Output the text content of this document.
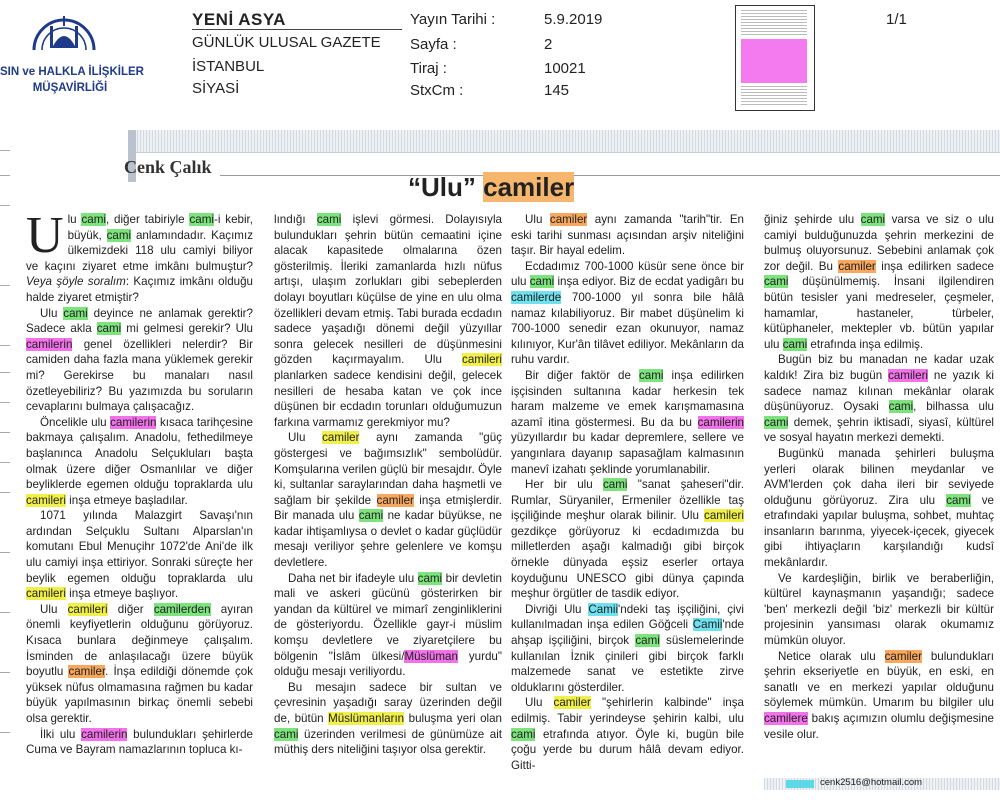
SIN ve HALKLA İLİŞKİLER
MÜŞAVİRLİĞİ
YENİ ASYA
GÜNLÜK ULUSAL GAZETE
İSTANBUL
SİYASİ
Yayın Tarihi :	5.9.2019
Sayfa :	2
Tiraj :	10021
StxCm :	145
1/1
Cenk Çalık
“Ulu” camiler

Ulu cami, diğer tabiriyle cami-i kebir, büyük, cami anlamındadır. Kaçımız ülkemizdeki 118 ulu camiyi biliyor ve kaçını ziyaret etme imkânı bulmuştur? Veya şöyle soralım: Kaçımız imkânı olduğu halde ziyaret etmiştir?

Ulu cami deyince ne anlamak gerektir? Sadece akla cami mi gelmesi gerekir? Ulu camilerin genel özellikleri nelerdir? Bir camiden daha fazla mana yüklemek gerekir mi? Gerekirse bu manaları nasıl özetleyebiliriz? Bu yazımızda bu soruların cevaplarını bulmaya çalışacağız.

Öncelikle ulu camilerin kısaca tarihçesine bakmaya çalışalım. Anadolu, fethedilmeye başlanınca Anadolu Selçukluları başta olmak üzere diğer Osmanlılar ve diğer beyliklerde egemen olduğu topraklarda ulu camileri inşa etmeye başladılar.

1071 yılında Malazgirt Savaşı'nın ardından Selçuklu Sultanı Alparslan'ın komutanı Ebul Menuçihr 1072'de Ani'de ilk ulu camiyi inşa ettiriyor. Sonraki süreçte her beylik egemen olduğu topraklarda ulu camileri inşa etmeye başlıyor.

Ulu camileri diğer camilerden ayıran önemli keyfiyetlerin olduğunu görüyoruz. Kısaca bunlara değinmeye çalışalım. İsminden de anlaşılacağı üzere büyük boyutlu camiler. İnşa edildiği dönemde çok yüksek nüfus olmamasına rağmen bu kadar büyük yapılmasının birkaç önemli sebebi olsa gerektir.

İlki ulu camilerin bulundukları şehirlerde Cuma ve Bayram namazlarının topluca kı-

lındığı cami işlevi görmesi. Dolayısıyla bulundukları şehrin bütün cemaatini içine alacak kapasitede olmalarına özen gösterilmiş. İleriki zamanlarda hızlı nüfus artışı, ulaşım zorlukları gibi sebeplerden dolayı boyutları küçülse de yine en ulu olma özellikleri devam etmiş. Tabi burada ecdadın sadece yaşadığı dönemi değil yüzyıllar sonra gelecek nesilleri de düşünmesini gözden kaçırmayalım. Ulu camileri planlarken sadece kendisini değil, gelecek nesilleri de hesaba katan ve çok ince düşünen bir ecdadın torunları olduğumuzun farkına varmamız gerekmiyor mu?

Ulu camiler aynı zamanda "güç göstergesi ve bağımsızlık" sembolüdür. Komşularına verilen güçlü bir mesajdır. Öyle ki, sultanlar saraylarından daha haşmetli ve sağlam bir şekilde camiler inşa etmişlerdir. Bir manada ulu cami ne kadar büyükse, ne kadar ihtişamlıysa o devlet o kadar güçlüdür mesajı veriliyor şehre gelenlere ve komşu devletlere.

Daha net bir ifadeyle ulu cami bir devletin mali ve askeri gücünü gösterirken bir yandan da kültürel ve mimarî zenginliklerini de gösteriyordu. Özellikle gayr-i müslim komşu devletlere ve ziyaretçilere bu bölgenin "İslâm ülkesi/Müslüman yurdu" olduğu mesajı veriliyordu.

Bu mesajın sadece bir sultan ve çevresinin yaşadığı saray üzerinden değil de, bütün Müslümanların buluşma yeri olan cami üzerinden verilmesi de günümüze ait müthiş ders niteliğini taşıyor olsa gerektir.

Ulu camiler aynı zamanda "tarih"tir. En eski tarihi sunması açısından arşiv niteliğini taşır. Bir hayal edelim.

Ecdadımız 700-1000 küsür sene önce bir ulu cami inşa ediyor. Biz de ecdat yadigârı bu camilerde 700-1000 yıl sonra bile hâlâ namaz kılabiliyoruz. Bir mabet düşünelim ki 700-1000 senedir ezan okunuyor, namaz kılınıyor, Kur'ân tilâvet ediliyor. Mekânların da ruhu vardır.

Bir diğer faktör de cami inşa edilirken işçisinden sultanına kadar herkesin tek haram malzeme ve emek karışmamasına azamî itina göstermesi. Bu da bu camilerin yüzyıllardır bu kadar depremlere, sellere ve yangınlara dayanıp sapasağlam kalmasının manevî izahatı şeklinde yorumlanabilir.

Her bir ulu cami "sanat şaheseri"dir. Rumlar, Süryaniler, Ermeniler özellikle taş işçiliğinde meşhur olarak bilinir. Ulu camileri gezdikçe görüyoruz ki ecdadımızda bu milletlerden aşağı kalmadığı gibi birçok örnekle dünyada eşsiz eserler ortaya koyduğunu UNESCO gibi dünya çapında meşhur örgütler de tasdik ediyor.

Divriği Ulu Camii'ndeki taş işçiliğini, çivi kullanılmadan inşa edilen Göğceli Camii'nde ahşap işçiliğini, birçok cami süslemelerinde kullanılan İznik çinileri gibi birçok farklı malzemede sanat ve estetikte zirve olduklarını gösterdiler.

Ulu camiler "şehirlerin kalbinde" inşa edilmiş. Tabir yerindeyse şehirin kalbi, ulu cami etrafında atıyor. Öyle ki, bugün bile çoğu yerde bu durum hâlâ devam ediyor. Gitti-

ğiniz şehirde ulu cami varsa ve siz o ulu camiyi bulduğunuzda şehrin merkezini de bulmuş oluyorsunuz. Sebebini anlamak çok zor değil. Bu camiler inşa edilirken sadece cami düşünülmemiş. İnsani ilgilendiren bütün tesisler yani medreseler, çeşmeler, hamamlar, hastaneler, türbeler, kütüphaneler, mektepler vb. bütün yapılar ulu cami etrafında inşa edilmiş.

Bugün biz bu manadan ne kadar uzak kaldık! Zira biz bugün camileri ne yazık ki sadece namaz kılınan mekânlar olarak düşünüyoruz. Oysaki cami, bilhassa ulu cami demek, şehrin iktisadî, siyasî, kültürel ve sosyal hayatın merkezi demekti.

Bugünkü manada şehirleri buluşma yerleri olarak bilinen meydanlar ve AVM'lerden çok daha ileri bir seviyede olduğunu görüyoruz. Zira ulu cami ve etrafındaki yapılar buluşma, sohbet, muhtaç insanların barınma, yiyecek-içecek, giyecek gibi ihtiyaçların karşılandığı kudsî mekânlardır.

Ve kardeşliğin, birlik ve beraberliğin, kültürel kaynaşmanın yaşandığı; sadece 'ben' merkezli değil 'biz' merkezli bir kültür projesinin yansıması olarak okumamız mümkün oluyor.

Netice olarak ulu camiler bulundukları şehrin ekseriyetle en büyük, en eski, en sanatlı ve en merkezi yapılar olduğunu söylemek mümkün. Umarım bu bilgiler ulu camilere bakış açımızın olumlu değişmesine vesile olur.

cenk2516@hotmail.com
